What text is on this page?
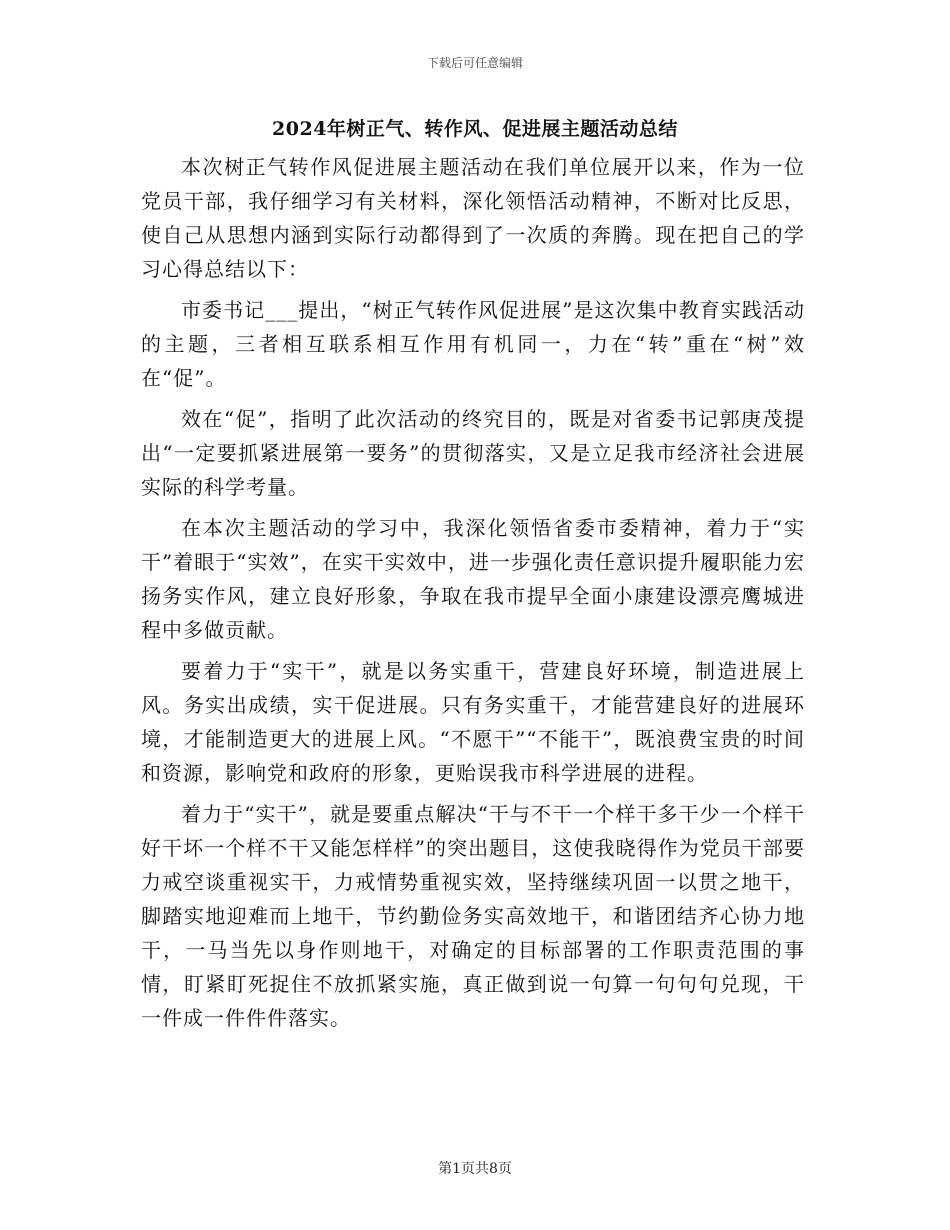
下载后可任意编辑
2024年树正气、转作风、促进展主题活动总结

本次树正气转作风促进展主题活动在我们单位展开以来，作为一位党员干部，我仔细学习有关材料，深化领悟活动精神，不断对比反思，使自己从思想内涵到实际行动都得到了一次质的奔腾。现在把自己的学习心得总结以下：

市委书记___提出，“树正气转作风促进展”是这次集中教育实践活动的主题，三者相互联系相互作用有机同一，力在“转”重在“树”效在“促”。

效在“促”，指明了此次活动的终究目的，既是对省委书记郭庚茂提出“一定要抓紧进展第一要务”的贯彻落实，又是立足我市经济社会进展实际的科学考量。

在本次主题活动的学习中，我深化领悟省委市委精神，着力于“实干”着眼于“实效”，在实干实效中，进一步强化责任意识提升履职能力宏扬务实作风，建立良好形象，争取在我市提早全面小康建设漂亮鹰城进程中多做贡献。

要着力于“实干”，就是以务实重干，营建良好环境，制造进展上风。务实出成绩，实干促进展。只有务实重干，才能营建良好的进展环境，才能制造更大的进展上风。“不愿干”“不能干”，既浪费宝贵的时间和资源，影响党和政府的形象，更贻误我市科学进展的进程。

着力于“实干”，就是要重点解决“干与不干一个样干多干少一个样干好干坏一个样不干又能怎样样”的突出题目，这使我晓得作为党员干部要力戒空谈重视实干，力戒情势重视实效，坚持继续巩固一以贯之地干，脚踏实地迎难而上地干，节约勤俭务实高效地干，和谐团结齐心协力地干，一马当先以身作则地干，对确定的目标部署的工作职责范围的事情，盯紧盯死捉住不放抓紧实施，真正做到说一句算一句句句兑现，干一件成一件件件落实。

第1页共8页
